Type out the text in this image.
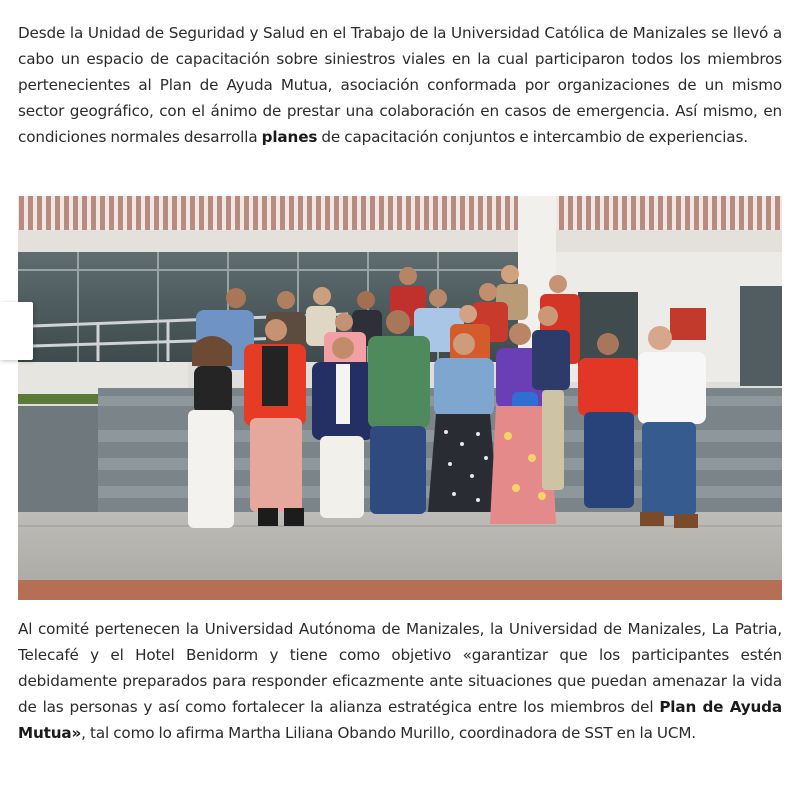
Desde la Unidad de Seguridad y Salud en el Trabajo de la Universidad Católica de Manizales se llevó a cabo un espacio de capacitación sobre siniestros viales en la cual participaron todos los miembros pertenecientes al Plan de Ayuda Mutua, asociación conformada por organizaciones de un mismo sector geográfico, con el ánimo de prestar una colaboración en casos de emergencia. Así mismo, en condiciones normales desarrolla planes de capacitación conjuntos e intercambio de experiencias.

Al comité pertenecen la Universidad Autónoma de Manizales, la Universidad de Manizales, La Patria, Telecafé y el Hotel Benidorm y tiene como objetivo «garantizar que los participantes estén debidamente preparados para responder eficazmente ante situaciones que puedan amenazar la vida de las personas y así como fortalecer la alianza estratégica entre los miembros del Plan de Ayuda Mutua», tal como lo afirma Martha Liliana Obando Murillo, coordinadora de SST en la UCM.
